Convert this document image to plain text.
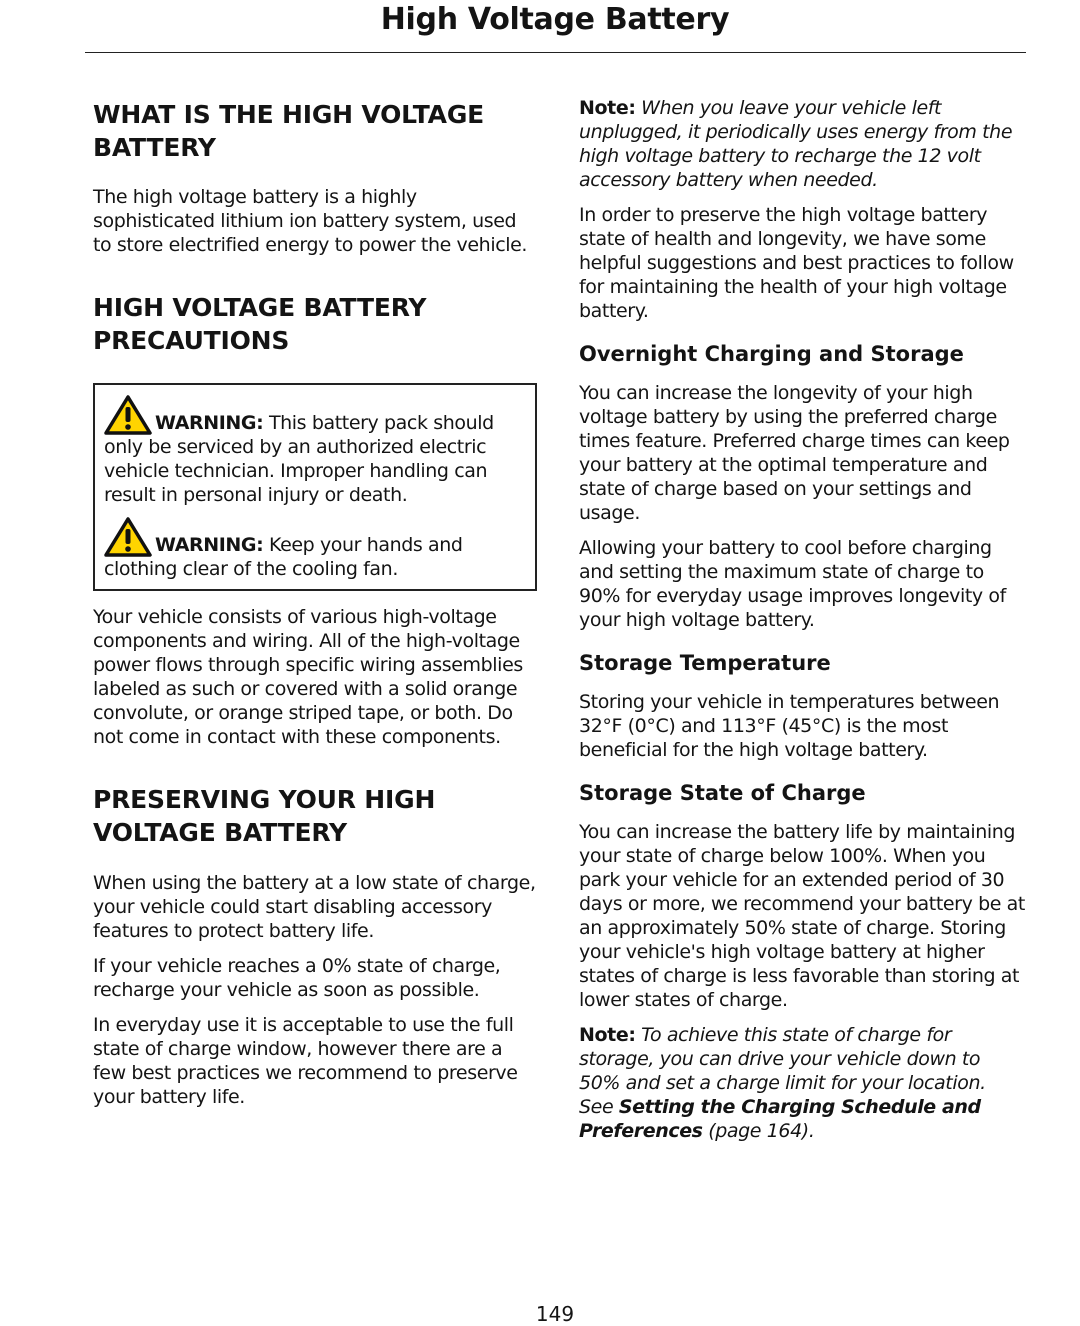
High Voltage Battery
WHAT IS THE HIGH VOLTAGE BATTERY

The high voltage battery is a highly sophisticated lithium ion battery system, used to store electrified energy to power the vehicle.

HIGH VOLTAGE BATTERY PRECAUTIONS

WARNING: This battery pack should only be serviced by an authorized electric vehicle technician. Improper handling can result in personal injury or death.

WARNING: Keep your hands and clothing clear of the cooling fan.

Your vehicle consists of various high-voltage components and wiring. All of the high-voltage power flows through specific wiring assemblies labeled as such or covered with a solid orange convolute, or orange striped tape, or both. Do not come in contact with these components.

PRESERVING YOUR HIGH VOLTAGE BATTERY

When using the battery at a low state of charge, your vehicle could start disabling accessory features to protect battery life.

If your vehicle reaches a 0% state of charge, recharge your vehicle as soon as possible.

In everyday use it is acceptable to use the full state of charge window, however there are a few best practices we recommend to preserve your battery life.

Note: When you leave your vehicle left unplugged, it periodically uses energy from the high voltage battery to recharge the 12 volt accessory battery when needed.

In order to preserve the high voltage battery state of health and longevity, we have some helpful suggestions and best practices to follow for maintaining the health of your high voltage battery.

Overnight Charging and Storage

You can increase the longevity of your high voltage battery by using the preferred charge times feature. Preferred charge times can keep your battery at the optimal temperature and state of charge based on your settings and usage.

Allowing your battery to cool before charging and setting the maximum state of charge to 90% for everyday usage improves longevity of your high voltage battery.

Storage Temperature

Storing your vehicle in temperatures between 32°F (0°C) and 113°F (45°C) is the most beneficial for the high voltage battery.

Storage State of Charge

You can increase the battery life by maintaining your state of charge below 100%. When you park your vehicle for an extended period of 30 days or more, we recommend your battery be at an approximately 50% state of charge. Storing your vehicle's high voltage battery at higher states of charge is less favorable than storing at lower states of charge.

Note: To achieve this state of charge for storage, you can drive your vehicle down to 50% and set a charge limit for your location. See Setting the Charging Schedule and Preferences (page 164).

149
